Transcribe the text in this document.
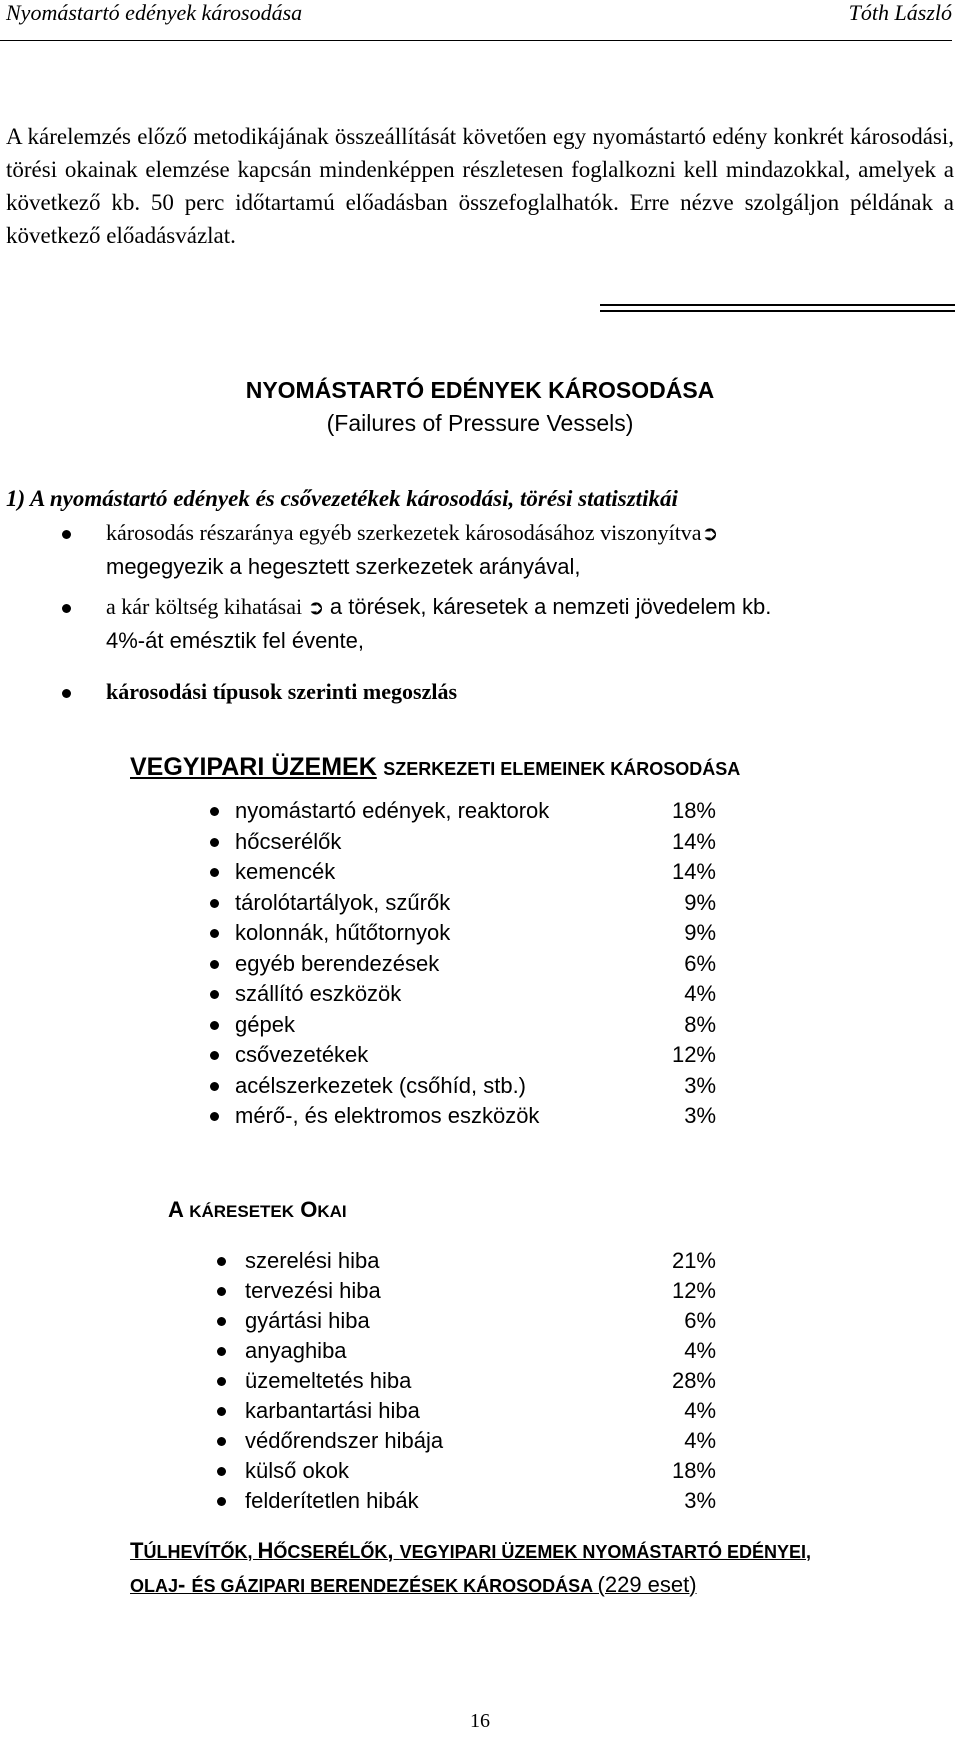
Nyomástartó edények károsodása	Tóth László
A kárelemzés előző metodikájának összeállítását követően egy nyomástartó edény konkrét károsodási, törési okainak elemzése kapcsán mindenképpen részletesen foglalkozni kell mindazokkal, amelyek a következő kb. 50 perc időtartamú előadásban összefoglalhatók. Erre nézve szolgáljon példának a következő előadásvázlat.
NYOMÁSTARTÓ EDÉNYEK KÁROSODÁSA
(Failures of Pressure Vessels)
1) A nyomástartó edények és csővezetékek károsodási, törési statisztikái
károsodás részaránya egyéb szerkezetek károsodásához viszonyítva➲
megegyezik a hegesztett szerkezetek arányával,
a kár költség kihatásai ➲ a törések, káresetek a nemzeti jövedelem kb.
4%-át emésztik fel évente,
károsodási típusok szerinti megoszlás
VEGYIPARI ÜZEMEK SZERKEZETI ELEMEINEK KÁROSODÁSA
nyomástartó edények, reaktorok	18%
hőcserélők	14%
kemencék	14%
tárolótartályok, szűrők	9%
kolonnák, hűtőtornyok	9%
egyéb berendezések	6%
szállító eszközök	4%
gépek	8%
csővezetékek	12%
acélszerkezetek (csőhíd, stb.)	3%
mérő-, és elektromos eszközök	3%
A KÁRESETEK OKAI
szerelési hiba	21%
tervezési hiba	12%
gyártási hiba	6%
anyaghiba	4%
üzemeltetés hiba	28%
karbantartási hiba	4%
védőrendszer hibája	4%
külső okok	18%
felderítetlen hibák	3%
TÚLHEVÍTŐK, HŐCSERÉLŐK, VEGYIPARI ÜZEMEK NYOMÁSTARTÓ EDÉNYEI,
OLAJ- ÉS GÁZIPARI BERENDEZÉSEK KÁROSODÁSA (229 eset)
16
